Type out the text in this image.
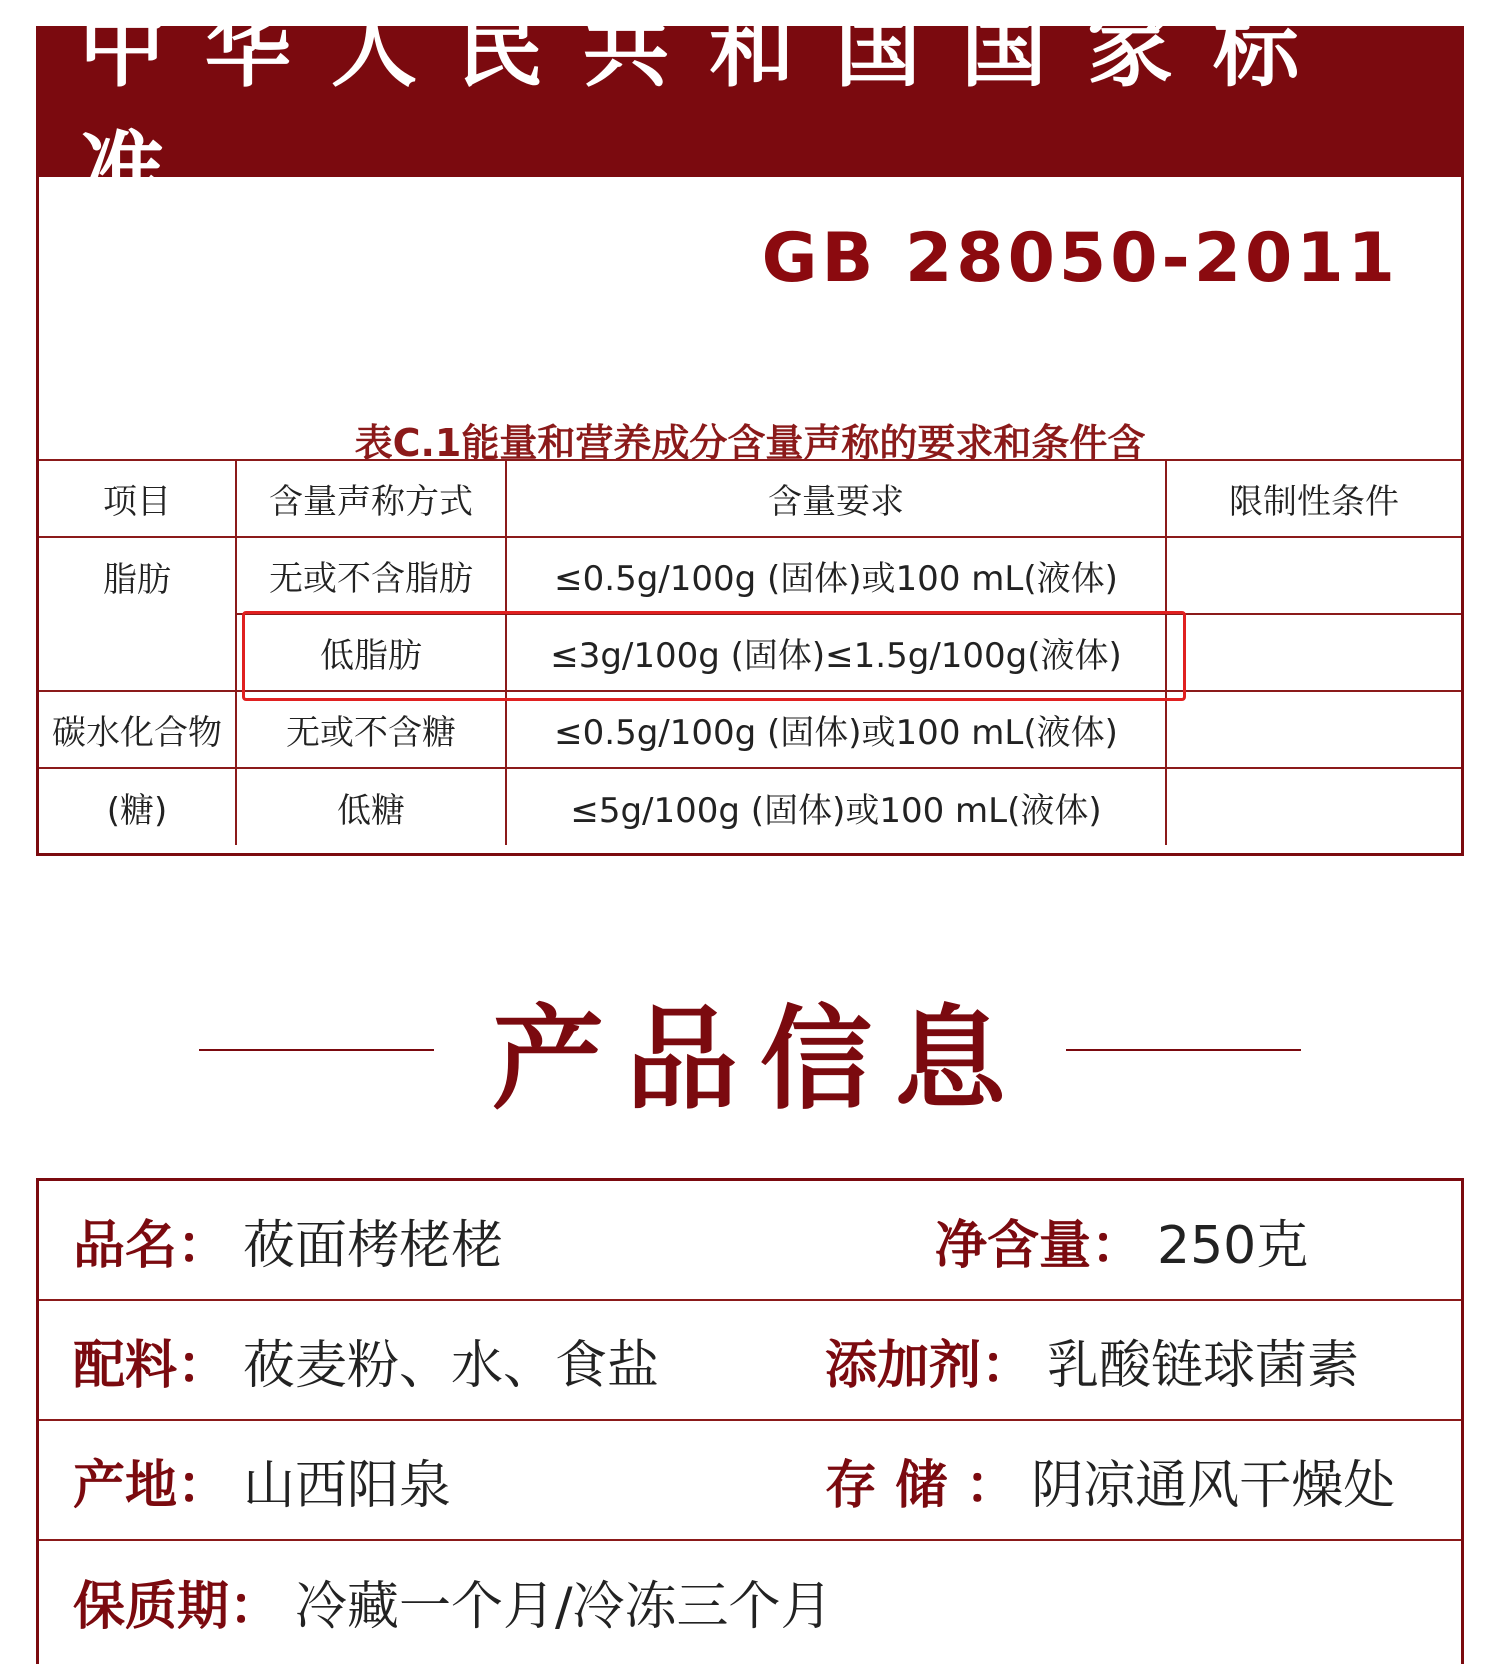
中华人民共和国国家标准
GB 28050-2011
表C.1能量和营养成分含量声称的要求和条件含
项目	含量声称方式	含量要求	限制性条件
脂肪	无或不含脂肪	≤0.5g/100g (固体)或100 mL(液体)	
	低脂肪	≤3g/100g (固体)≤1.5g/100g(液体)	
碳水化合物	无或不含糖	≤0.5g/100g (固体)或100 mL(液体)	
(糖)	低糖	≤5g/100g (固体)或100 mL(液体)	
产品信息
品名： 莜面栲栳栳	净含量： 250克
配料： 莜麦粉、水、食盐	添加剂： 乳酸链球菌素
产地： 山西阳泉	存 储 ： 阴凉通风干燥处
保质期： 冷藏一个月/冷冻三个月
